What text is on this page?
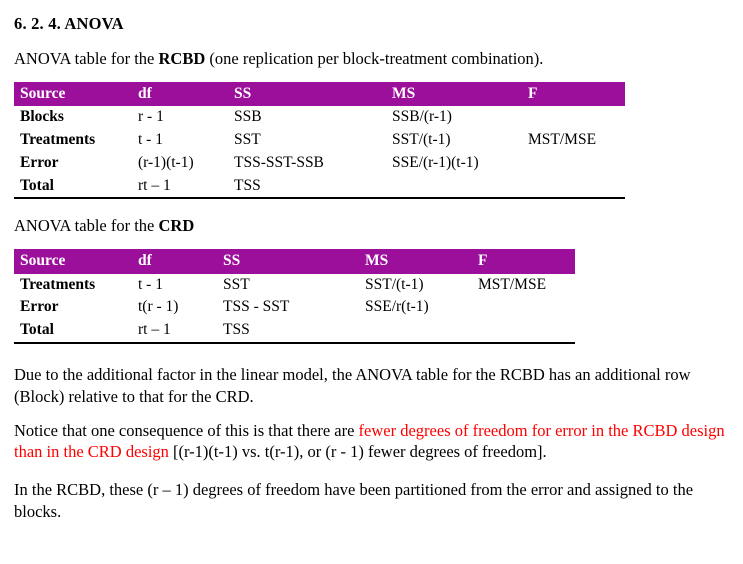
6. 2. 4. ANOVA

ANOVA table for the RCBD (one replication per block-treatment combination).

Source	df	SS	MS	F
Blocks	r - 1	SSB	SSB/(r-1)	
Treatments	t - 1	SST	SST/(t-1)	MST/MSE
Error	(r-1)(t-1)	TSS-SST-SSB	SSE/(r-1)(t-1)	
Total	rt – 1	TSS		

ANOVA table for the CRD

Source	df	SS	MS	F
Treatments	t - 1	SST	SST/(t-1)	MST/MSE
Error	t(r - 1)	TSS - SST	SSE/r(t-1)	
Total	rt – 1	TSS		

Due to the additional factor in the linear model, the ANOVA table for the RCBD has an additional row (Block) relative to that for the CRD.

Notice that one consequence of this is that there are fewer degrees of freedom for error in the RCBD design than in the CRD design [(r-1)(t-1) vs. t(r-1), or (r - 1) fewer degrees of freedom].

In the RCBD, these (r – 1) degrees of freedom have been partitioned from the error and assigned to the blocks.
